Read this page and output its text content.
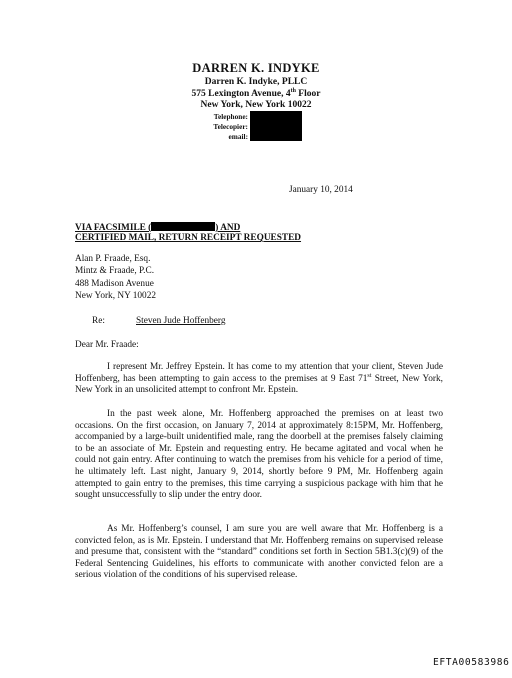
DARREN K. INDYKE
Darren K. Indyke, PLLC
575 Lexington Avenue, 4th Floor
New York, New York 10022
Telephone:
Telecopier:
email:
January 10, 2014
VIA FACSIMILE (	) AND
CERTIFIED MAIL, RETURN RECEIPT REQUESTED
Alan P. Fraade, Esq.
Mintz & Fraade, P.C.
488 Madison Avenue
New York, NY 10022
Re:	Steven Jude Hoffenberg
Dear Mr. Fraade:
I represent Mr. Jeffrey Epstein. It has come to my attention that your client, Steven Jude Hoffenberg, has been attempting to gain access to the premises at 9 East 71st Street, New York, New York in an unsolicited attempt to confront Mr. Epstein.
In the past week alone, Mr. Hoffenberg approached the premises on at least two occasions. On the first occasion, on January 7, 2014 at approximately 8:15PM, Mr. Hoffenberg, accompanied by a large-built unidentified male, rang the doorbell at the premises falsely claiming to be an associate of Mr. Epstein and requesting entry. He became agitated and vocal when he could not gain entry. After continuing to watch the premises from his vehicle for a period of time, he ultimately left. Last night, January 9, 2014, shortly before 9 PM, Mr. Hoffenberg again attempted to gain entry to the premises, this time carrying a suspicious package with him that he sought unsuccessfully to slip under the entry door.
As Mr. Hoffenberg’s counsel, I am sure you are well aware that Mr. Hoffenberg is a convicted felon, as is Mr. Epstein. I understand that Mr. Hoffenberg remains on supervised release and presume that, consistent with the “standard” conditions set forth in Section 5B1.3(c)(9) of the Federal Sentencing Guidelines, his efforts to communicate with another convicted felon are a serious violation of the conditions of his supervised release.
EFTA00583986
